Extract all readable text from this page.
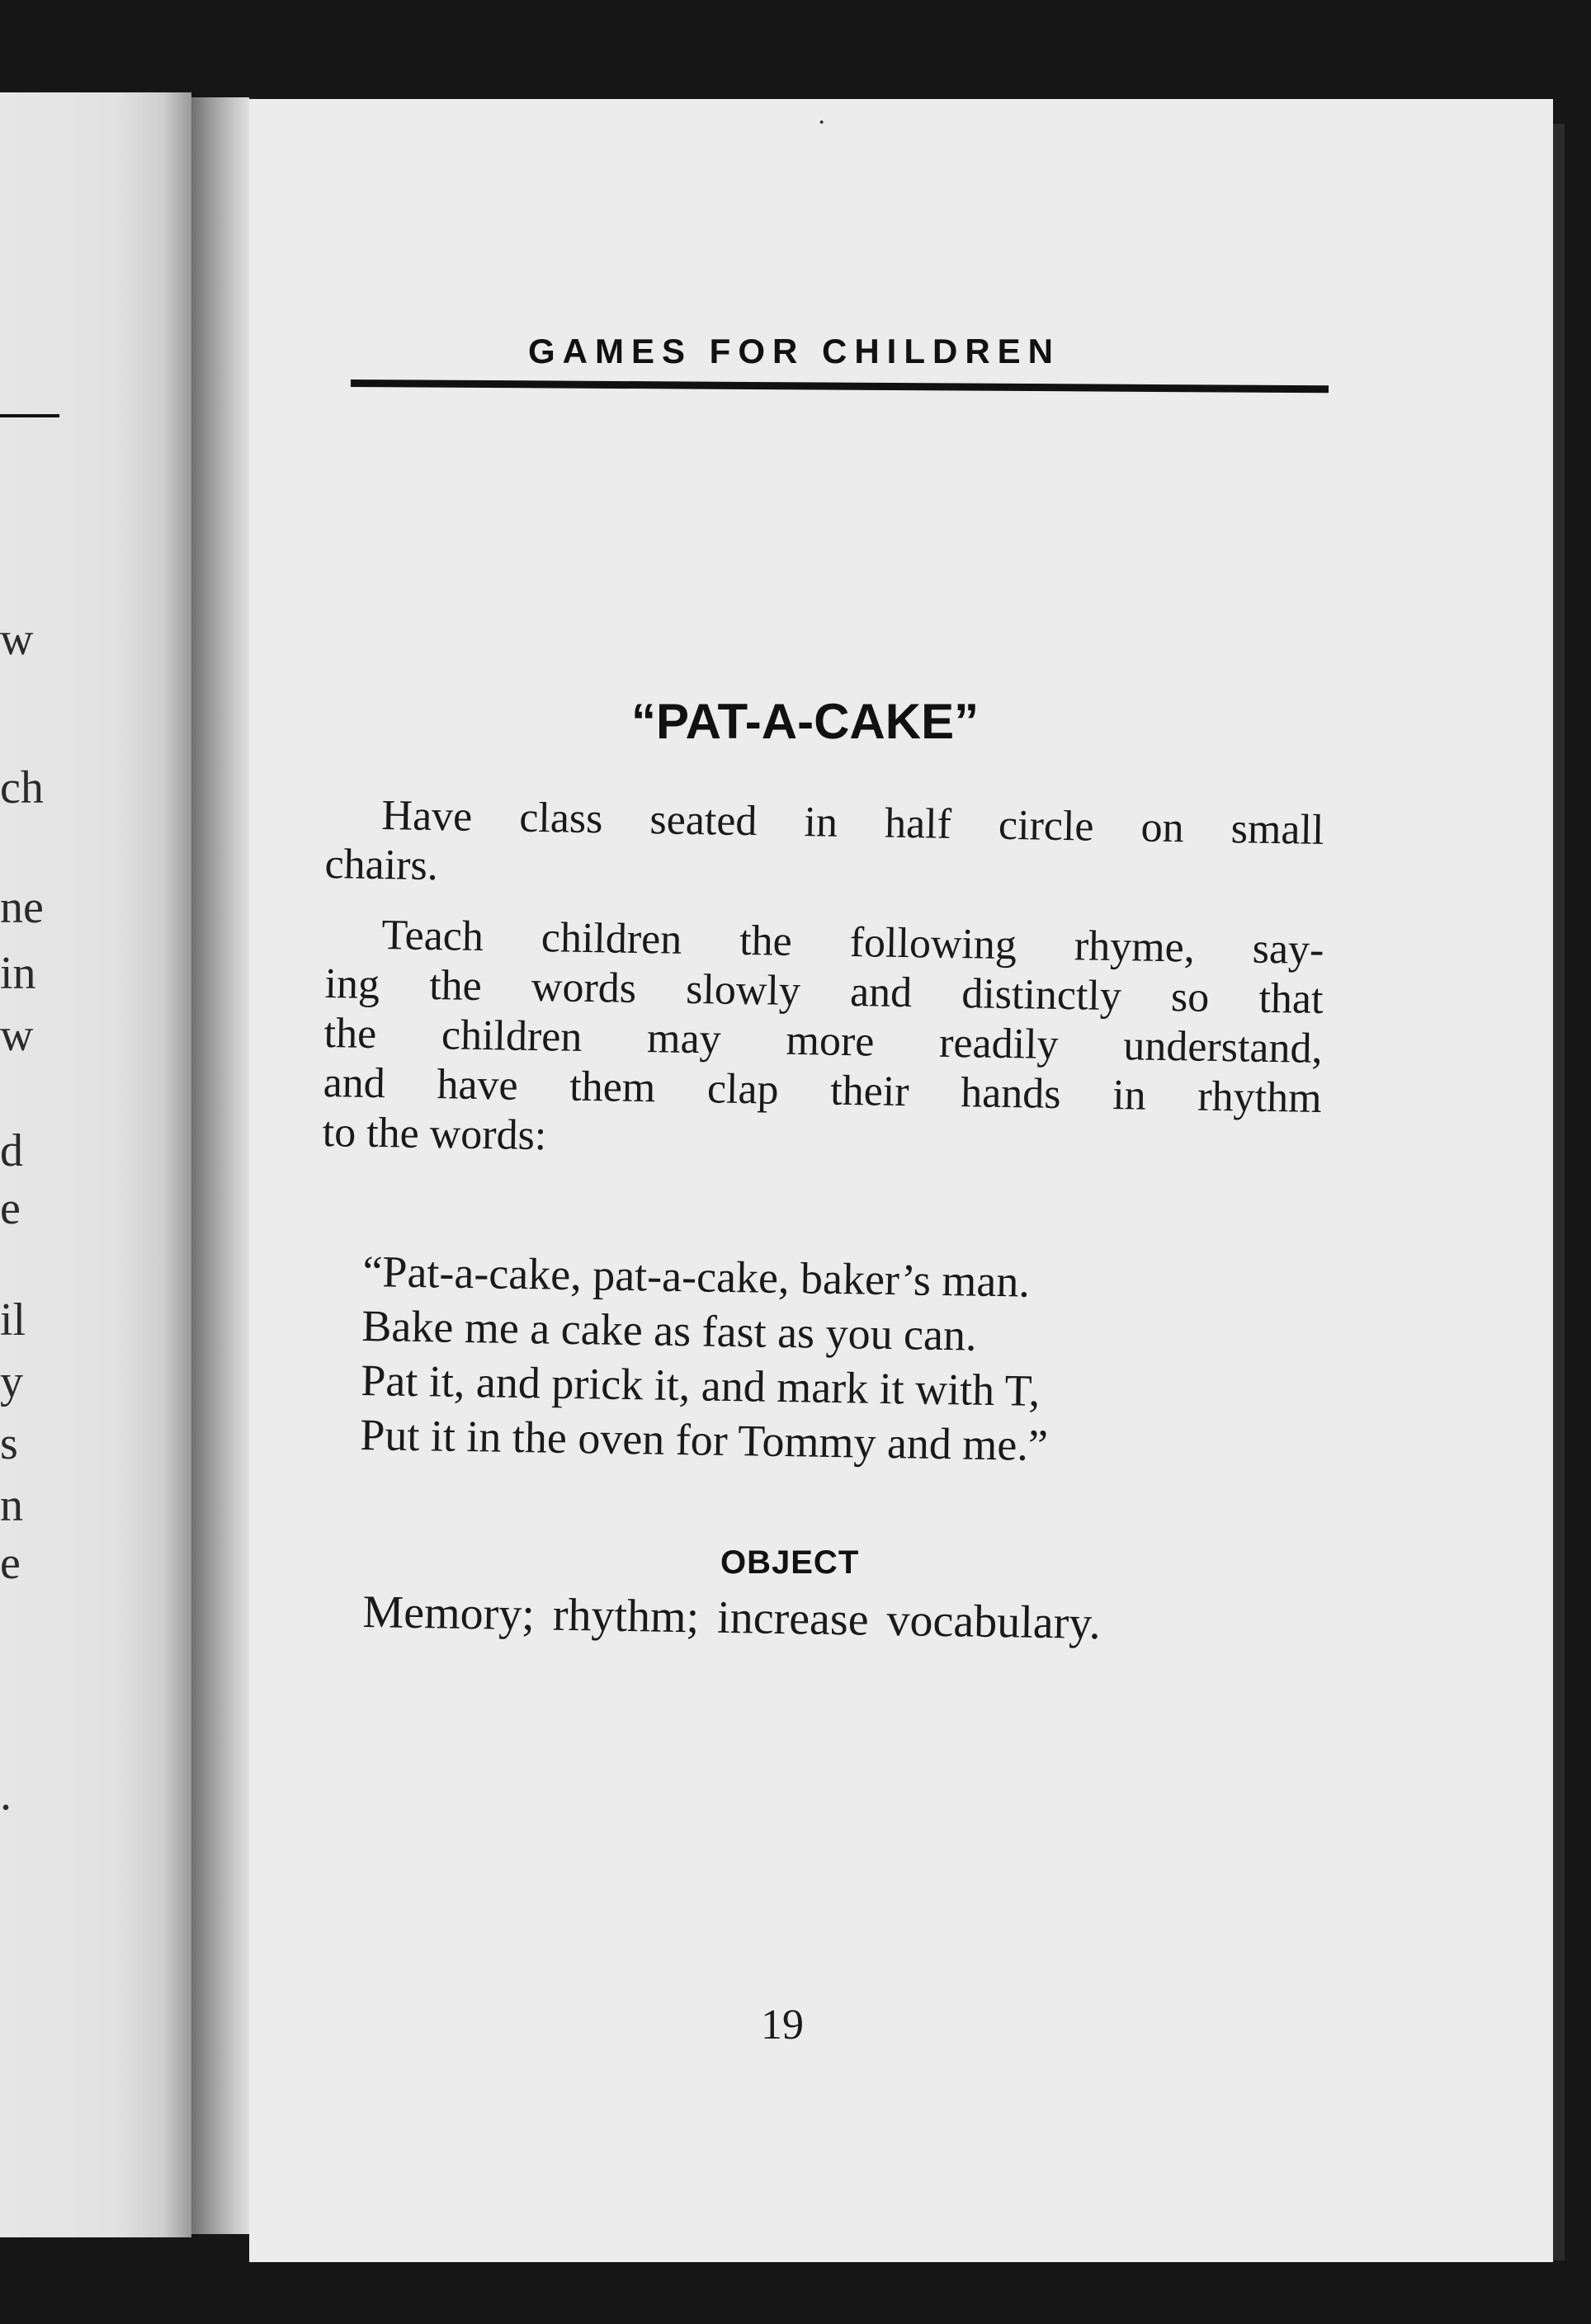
w
ch
ne
in
w
d
e
il
y
s
n
e
.
·
GAMES FOR CHILDREN
“PAT-A-CAKE”

Have class seated in half circle on small
chairs.

Teach children the following rhyme, say-
ing the words slowly and distinctly so that
the children may more readily understand,
and have them clap their hands in rhythm
to the words:

“Pat-a-cake, pat-a-cake, baker’s man.
Bake me a cake as fast as you can.
Pat it, and prick it, and mark it with T,
Put it in the oven for Tommy and me.”
OBJECT
Memory; rhythm; increase vocabulary.
19
